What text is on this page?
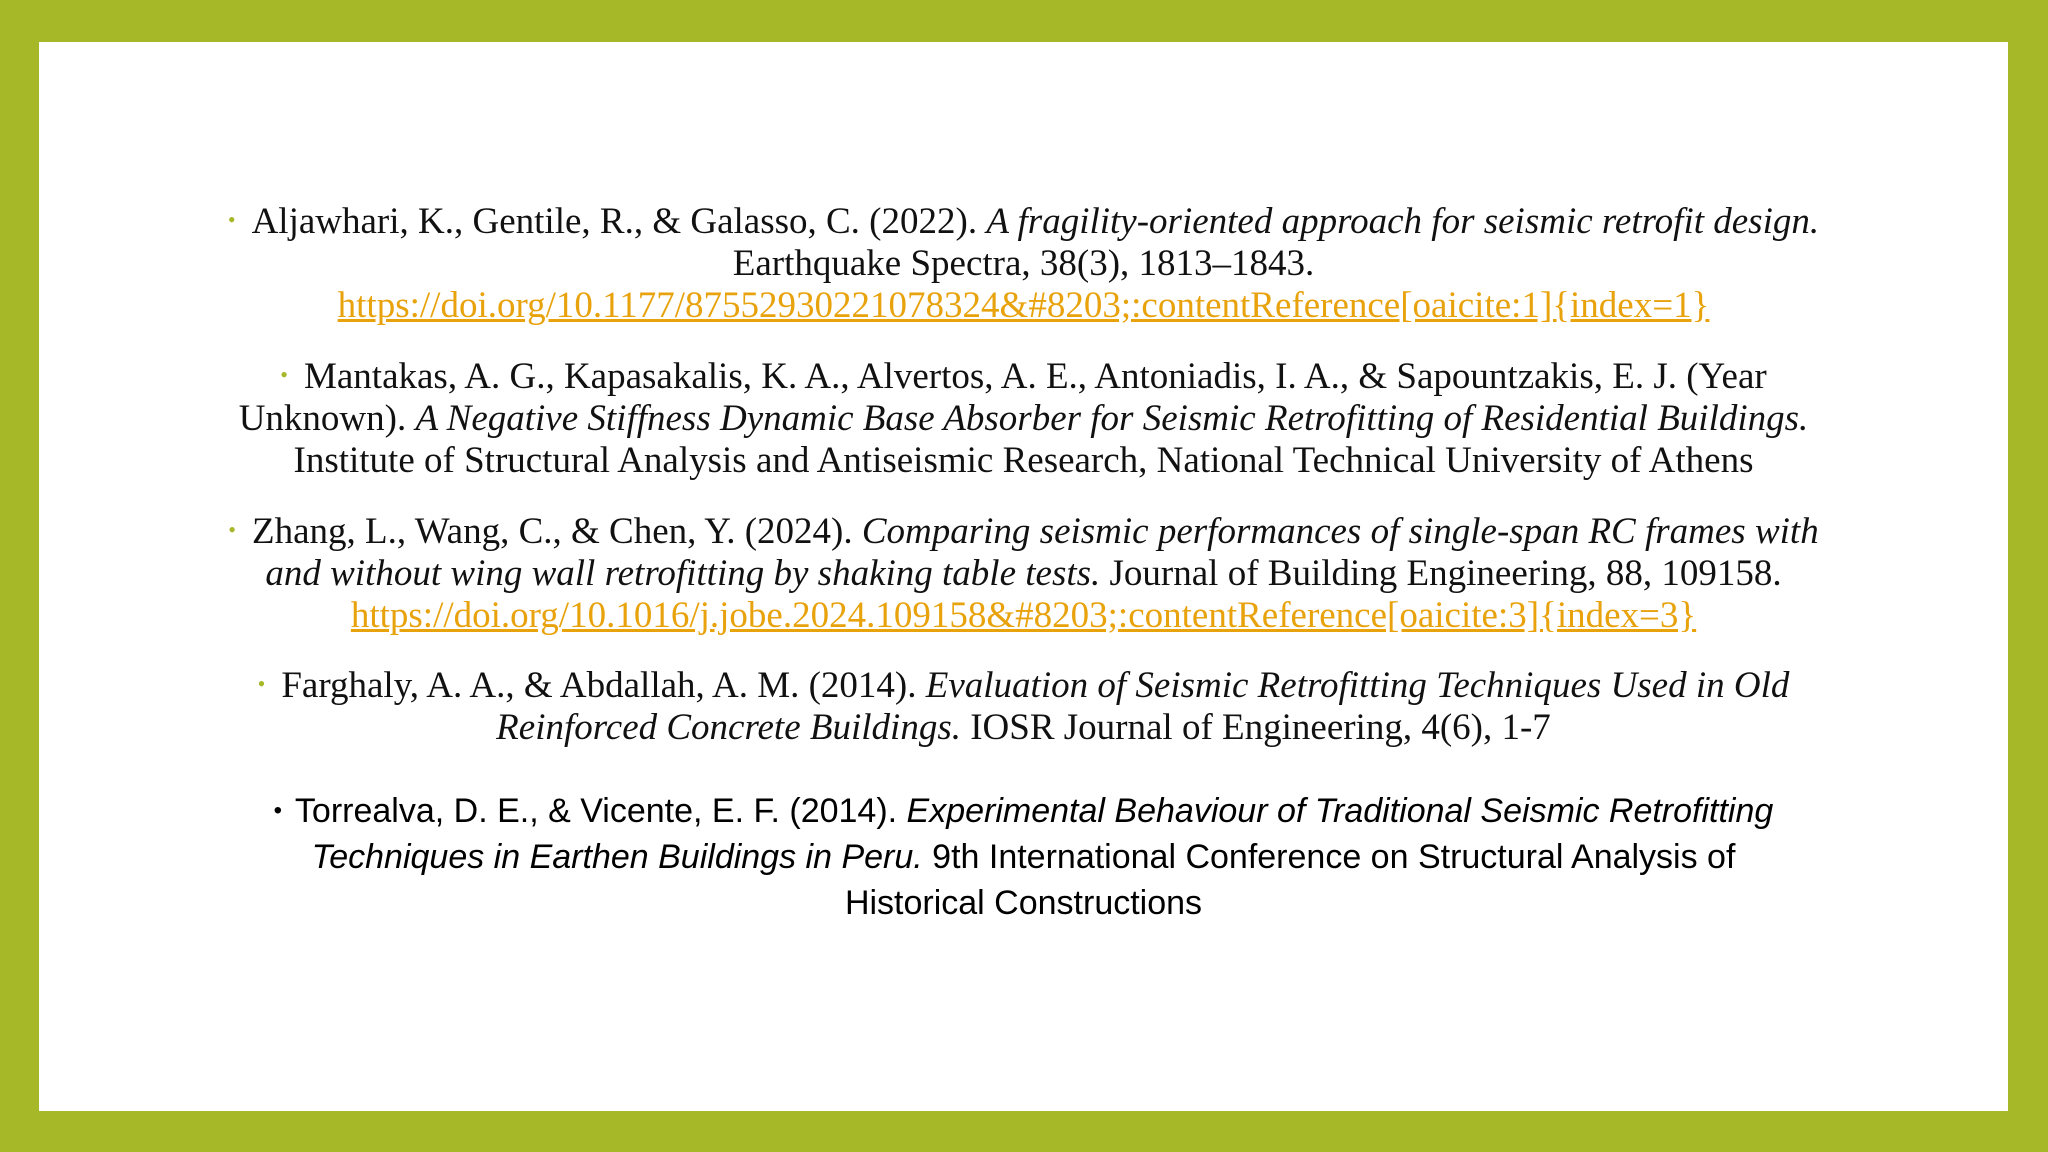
• Aljawhari, K., Gentile, R., & Galasso, C. (2022). A fragility-oriented approach for seismic retrofit design.
Earthquake Spectra, 38(3), 1813–1843.
https://doi.org/10.1177/87552930221078324&#8203;:contentReference[oaicite:1]{index=1}
• Mantakas, A. G., Kapasakalis, K. A., Alvertos, A. E., Antoniadis, I. A., & Sapountzakis, E. J. (Year
Unknown). A Negative Stiffness Dynamic Base Absorber for Seismic Retrofitting of Residential Buildings.
Institute of Structural Analysis and Antiseismic Research, National Technical University of Athens
• Zhang, L., Wang, C., & Chen, Y. (2024). Comparing seismic performances of single-span RC frames with
and without wing wall retrofitting by shaking table tests. Journal of Building Engineering, 88, 109158.
https://doi.org/10.1016/j.jobe.2024.109158&#8203;:contentReference[oaicite:3]{index=3}
• Farghaly, A. A., & Abdallah, A. M. (2014). Evaluation of Seismic Retrofitting Techniques Used in Old
Reinforced Concrete Buildings. IOSR Journal of Engineering, 4(6), 1-7
• Torrealva, D. E., & Vicente, E. F. (2014). Experimental Behaviour of Traditional Seismic Retrofitting
Techniques in Earthen Buildings in Peru. 9th International Conference on Structural Analysis of
Historical Constructions
